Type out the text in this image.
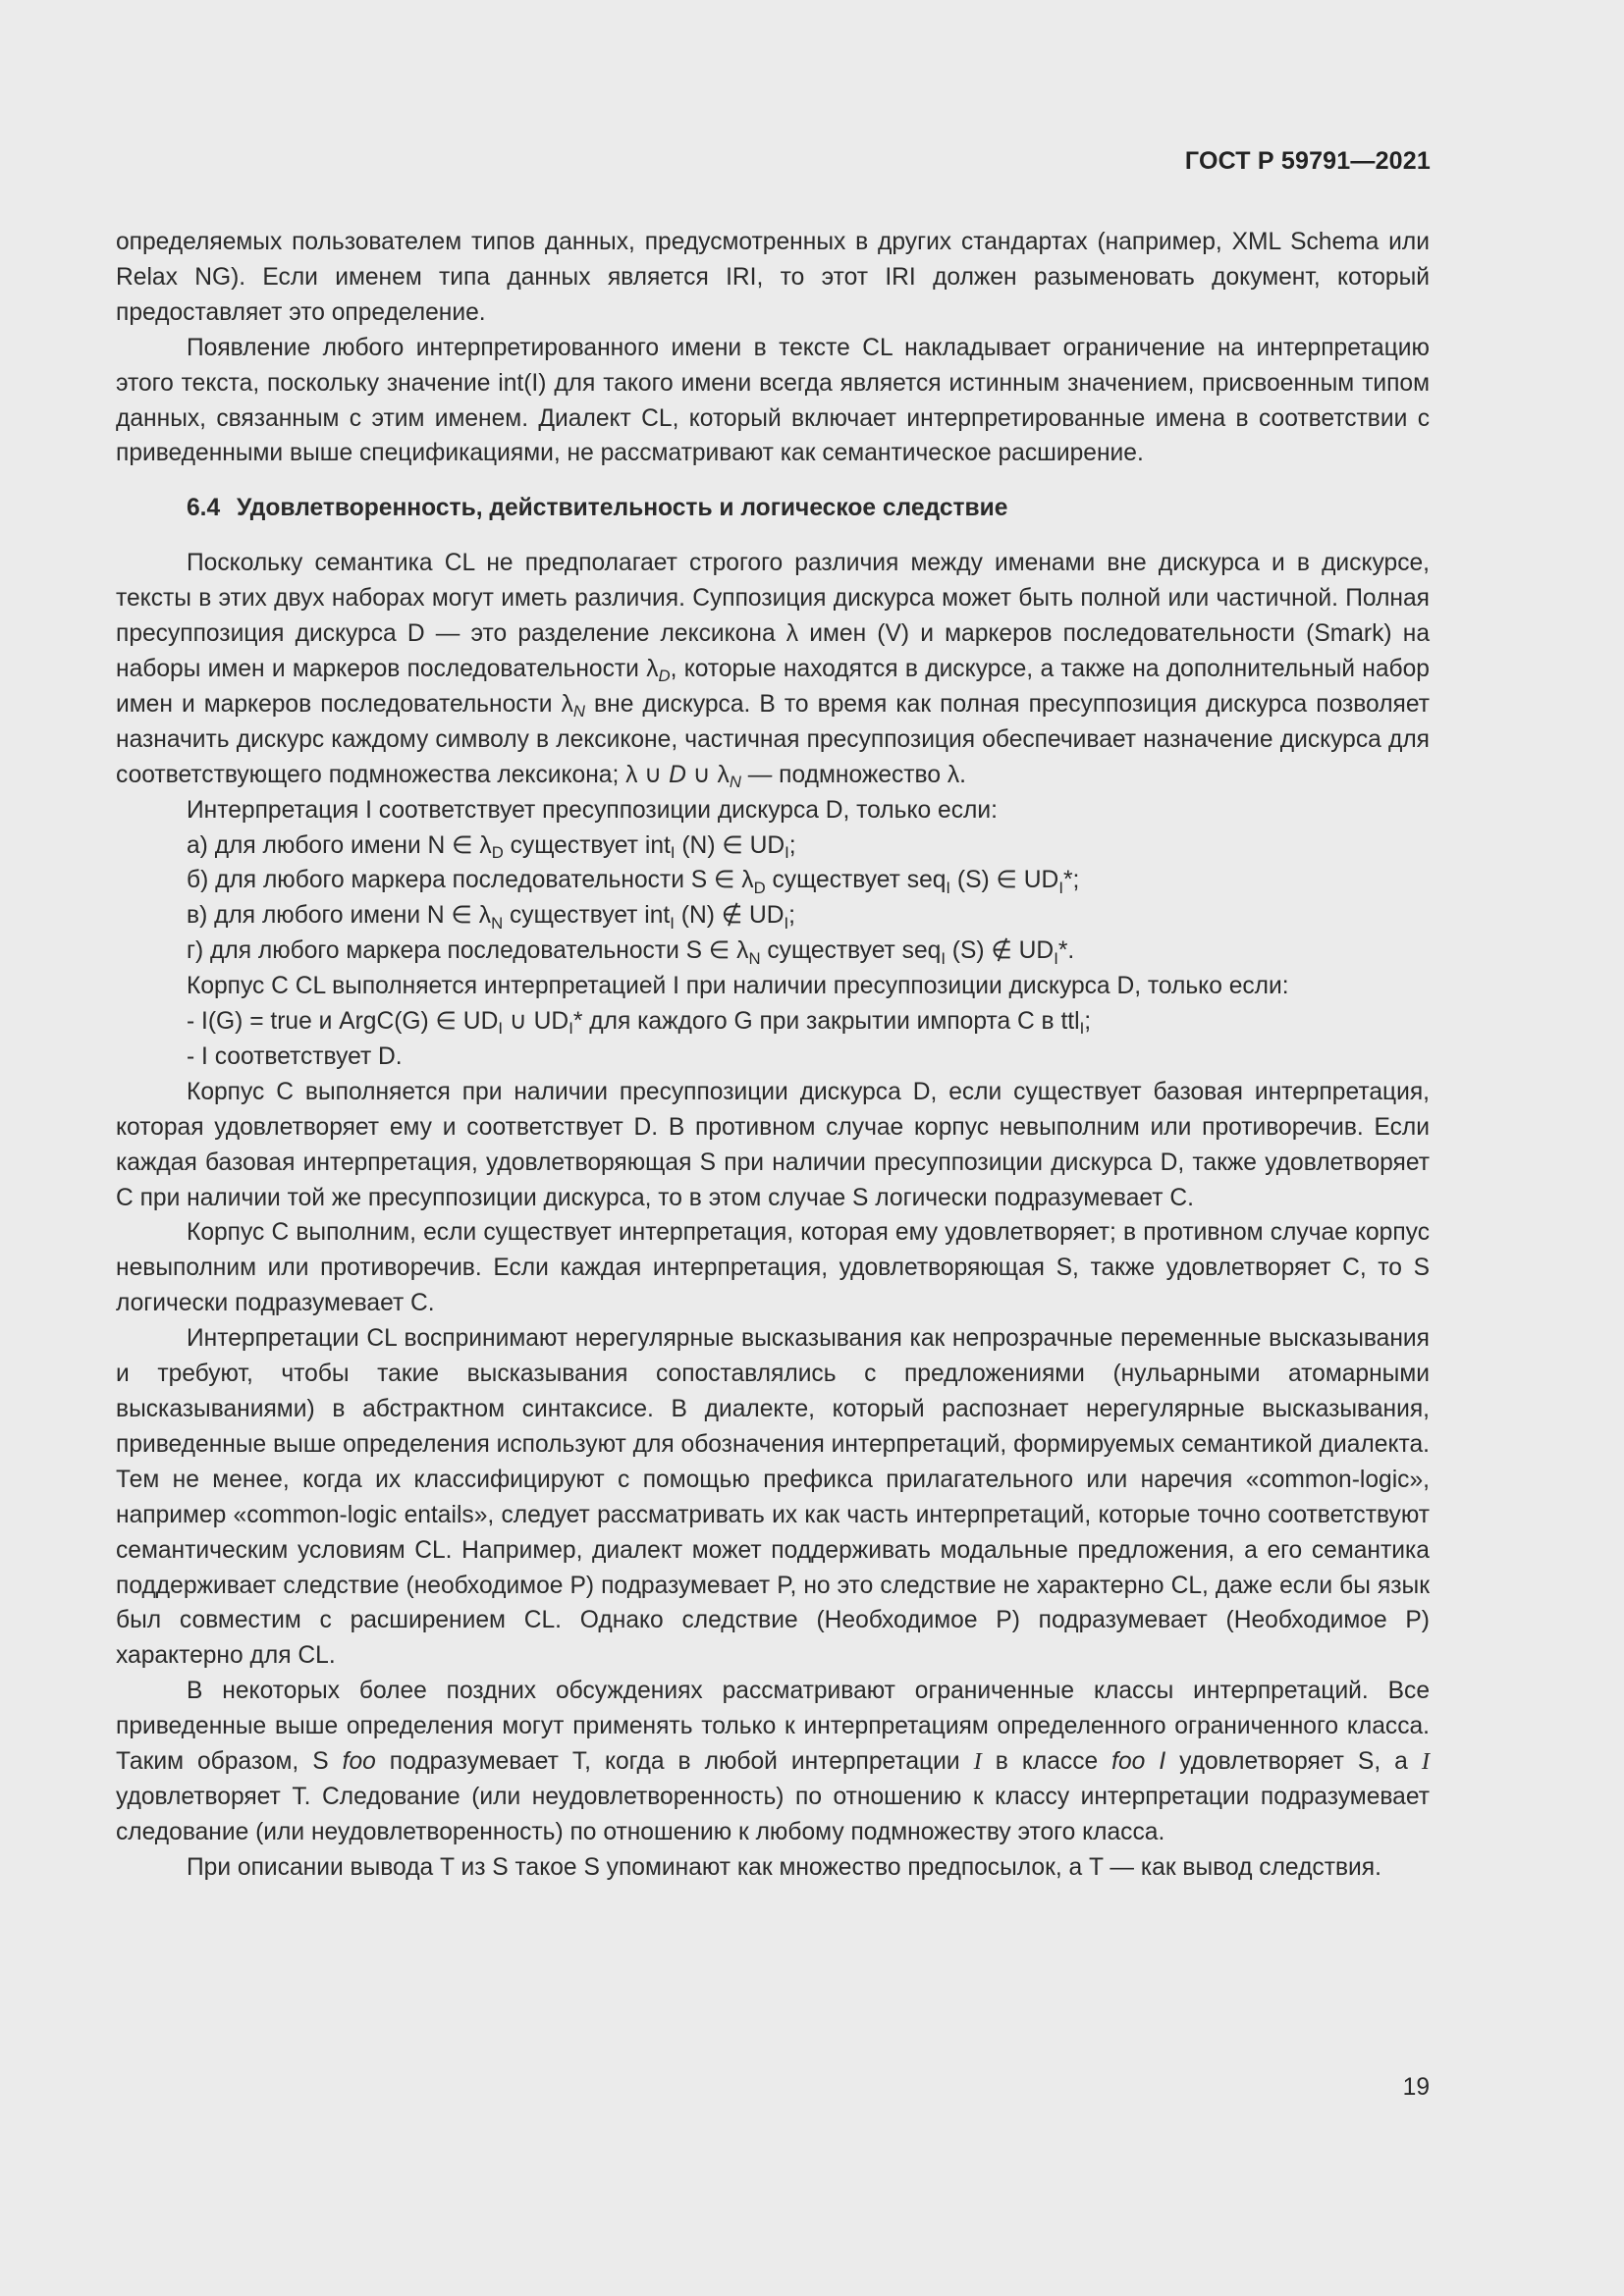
ГОСТ Р 59791—2021

определяемых пользователем типов данных, предусмотренных в других стандартах (например, XML Schema или Relax NG). Если именем типа данных является IRI, то этот IRI должен разыменовать документ, который предоставляет это определение.

Появление любого интерпретированного имени в тексте CL накладывает ограничение на интерпретацию этого текста, поскольку значение int(I) для такого имени всегда является истинным значением, присвоенным типом данных, связанным с этим именем. Диалект CL, который включает интерпретированные имена в соответствии с приведенными выше спецификациями, не рассматривают как семантическое расширение.

6.4 Удовлетворенность, действительность и логическое следствие

Поскольку семантика CL не предполагает строгого различия между именами вне дискурса и в дискурсе, тексты в этих двух наборах могут иметь различия. Суппозиция дискурса может быть полной или частичной. Полная пресуппозиция дискурса D — это разделение лексикона λ имен (V) и маркеров последовательности (Smark) на наборы имен и маркеров последовательности $\lambda_D$, которые находятся в дискурсе, а также на дополнительный набор имен и маркеров последовательности $\lambda_N$ вне дискурса. В то время как полная пресуппозиция дискурса позволяет назначить дискурс каждому символу в лексиконе, частичная пресуппозиция обеспечивает назначение дискурса для соответствующего подмножества лексикона; λ ∪ D ∪ $\lambda_N$ — подмножество λ.

Интерпретация I соответствует пресуппозиции дискурса D, только если:

а) для любого имени N ∈ $\lambda_D$ существует int$_I$ (N) ∈ $UD_I$;

б) для любого маркера последовательности S ∈ $\lambda_D$ существует seq$_I$ (S) ∈ $UD_I*$;

в) для любого имени N ∈ $\lambda_N$ существует int$_I$ (N) ∉ $UD_I$;

г) для любого маркера последовательности S ∈ $\lambda_N$ существует seq$_I$ (S) ∉ $UD_I*$.

Корпус C CL выполняется интерпретацией I при наличии пресуппозиции дискурса D, только если:

- I(G) = true и ArgC(G) ∈ $UD_I$ ∪ $UD_I*$ для каждого G при закрытии импорта C в ttl$_I$;

- I соответствует D.

Корпус C выполняется при наличии пресуппозиции дискурса D, если существует базовая интерпретация, которая удовлетворяет ему и соответствует D. В противном случае корпус невыполним или противоречив. Если каждая базовая интерпретация, удовлетворяющая S при наличии пресуппозиции дискурса D, также удовлетворяет C при наличии той же пресуппозиции дискурса, то в этом случае S логически подразумевает C.

Корпус C выполним, если существует интерпретация, которая ему удовлетворяет; в противном случае корпус невыполним или противоречив. Если каждая интерпретация, удовлетворяющая S, также удовлетворяет C, то S логически подразумевает C.

Интерпретации CL воспринимают нерегулярные высказывания как непрозрачные переменные высказывания и требуют, чтобы такие высказывания сопоставлялись с предложениями (нульарными атомарными высказываниями) в абстрактном синтаксисе. В диалекте, который распознает нерегулярные высказывания, приведенные выше определения используют для обозначения интерпретаций, формируемых семантикой диалекта. Тем не менее, когда их классифицируют с помощью префикса прилагательного или наречия «common-logic», например «common-logic entails», следует рассматривать их как часть интерпретаций, которые точно соответствуют семантическим условиям CL. Например, диалект может поддерживать модальные предложения, а его семантика поддерживает следствие (необходимое P) подразумевает P, но это следствие не характерно CL, даже если бы язык был совместим с расширением CL. Однако следствие (Необходимое P) подразумевает (Необходимое P) характерно для CL.

В некоторых более поздних обсуждениях рассматривают ограниченные классы интерпретаций. Все приведенные выше определения могут применять только к интерпретациям определенного ограниченного класса. Таким образом, S foo подразумевает T, когда в любой интерпретации I в классе foo I удовлетворяет S, а I удовлетворяет T. Следование (или неудовлетворенность) по отношению к классу интерпретации подразумевает следование (или неудовлетворенность) по отношению к любому подмножеству этого класса.

При описании вывода T из S такое S упоминают как множество предпосылок, а T — как вывод следствия.

19
